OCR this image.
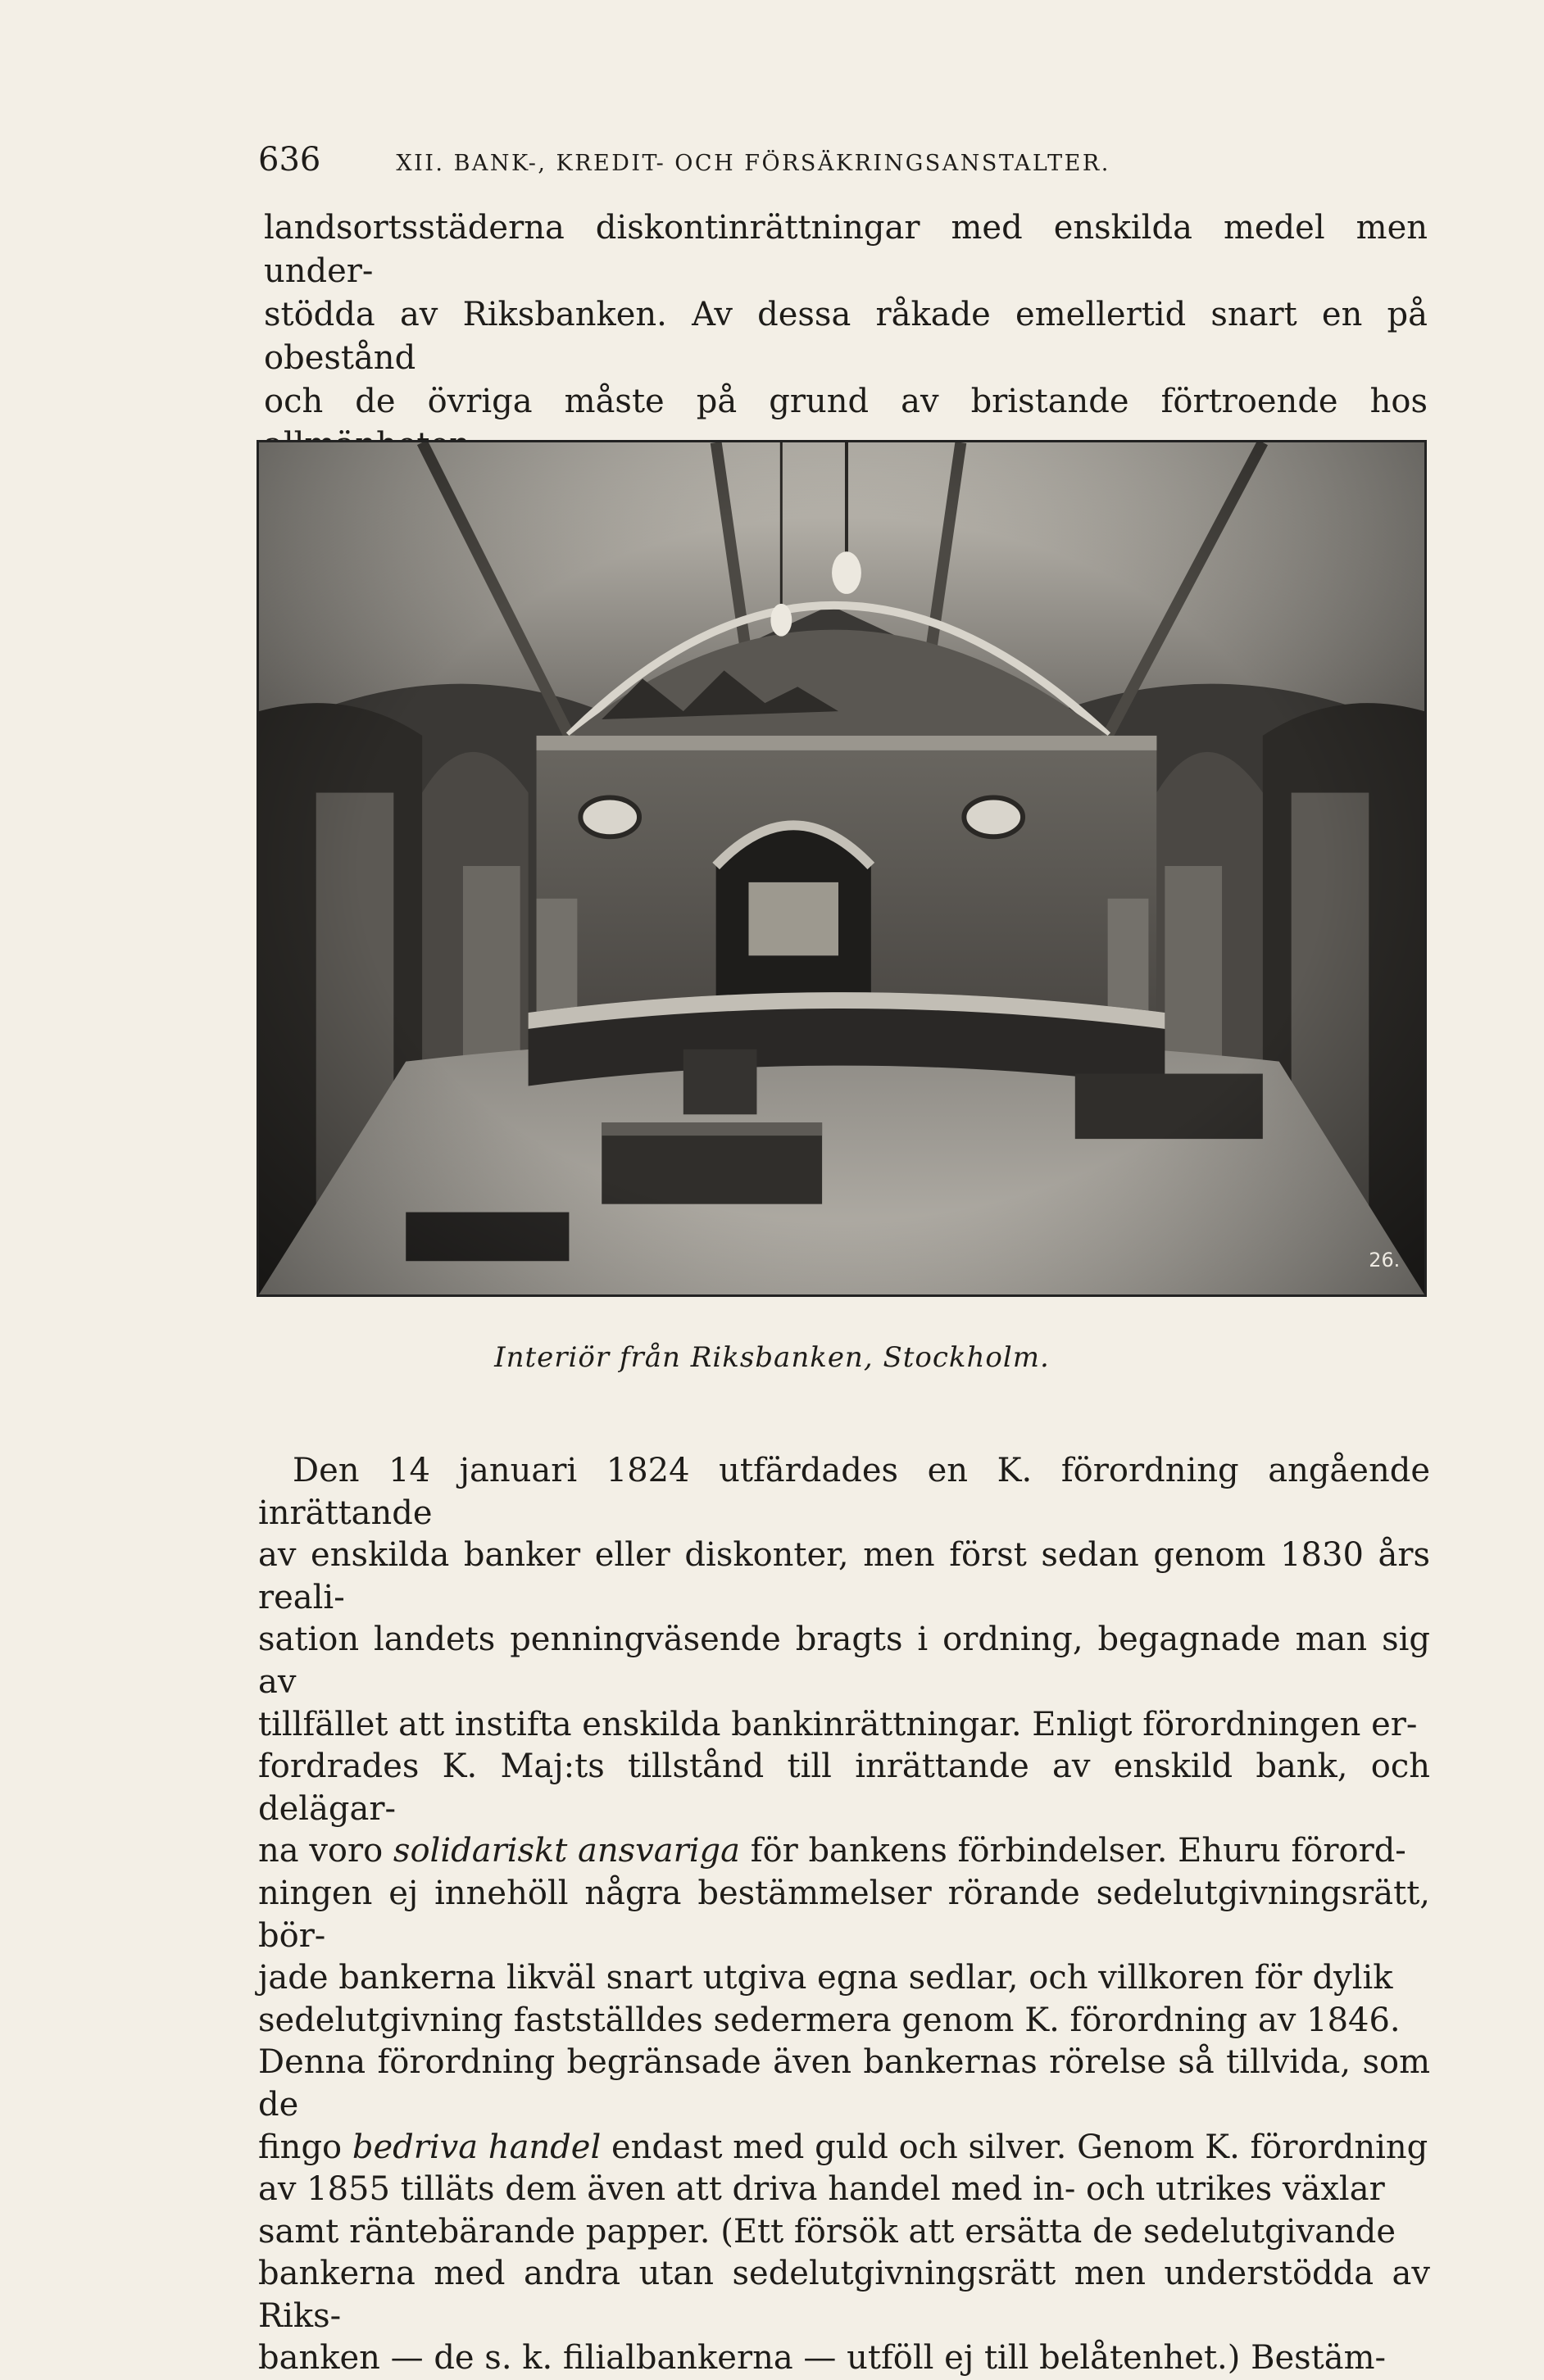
636	XII. BANK-, KREDIT- OCH FÖRSÄKRINGSANSTALTER.

landsortsstäderna diskontinrättningar med enskilda medel men under-
stödda av Riksbanken. Av dessa råkade emellertid snart en på obestånd
och de övriga måste på grund av bristande förtroende hos

26.
Interiör från Riksbanken, Stockholm.

Den 14 januari 1824 utfärdades en K. förordning angående inrättande
av enskilda banker eller diskonter, men först sedan genom 1830 års reali-
sation landets penningväsende bragts i ordning, begagnade man sig av
tillfället att instifta enskilda bankinrättningar. Enligt förordningen er-
fordrades K. Maj:ts tillstånd till inrättande av enskild bank, och delägar-
na voro solidariskt ansvariga för bankens förbindelser. Ehuru förord-
ningen ej innehöll några bestämmelser rörande sedelutgivningsrätt, bör-
jade bankerna likväl snart utgiva egna sedlar, och villkoren för dylik
sedelutgivning fastställdes sedermera genom K. förordning av 1846.
Denna förordning begränsade även bankernas rörelse så tillvida, som de
fingo bedriva handel endast med guld och silver. Genom K. förordning
av 1855 tilläts dem även att driva handel med in- och utrikes växlar
samt räntebärande papper. (Ett försök att ersätta de sedelutgivande
bankerna med andra utan sedelutgivningsrätt men understödda av Riks-
banken — de s. k. filialbankerna — utföll ej till belåtenhet.) Bestäm-
